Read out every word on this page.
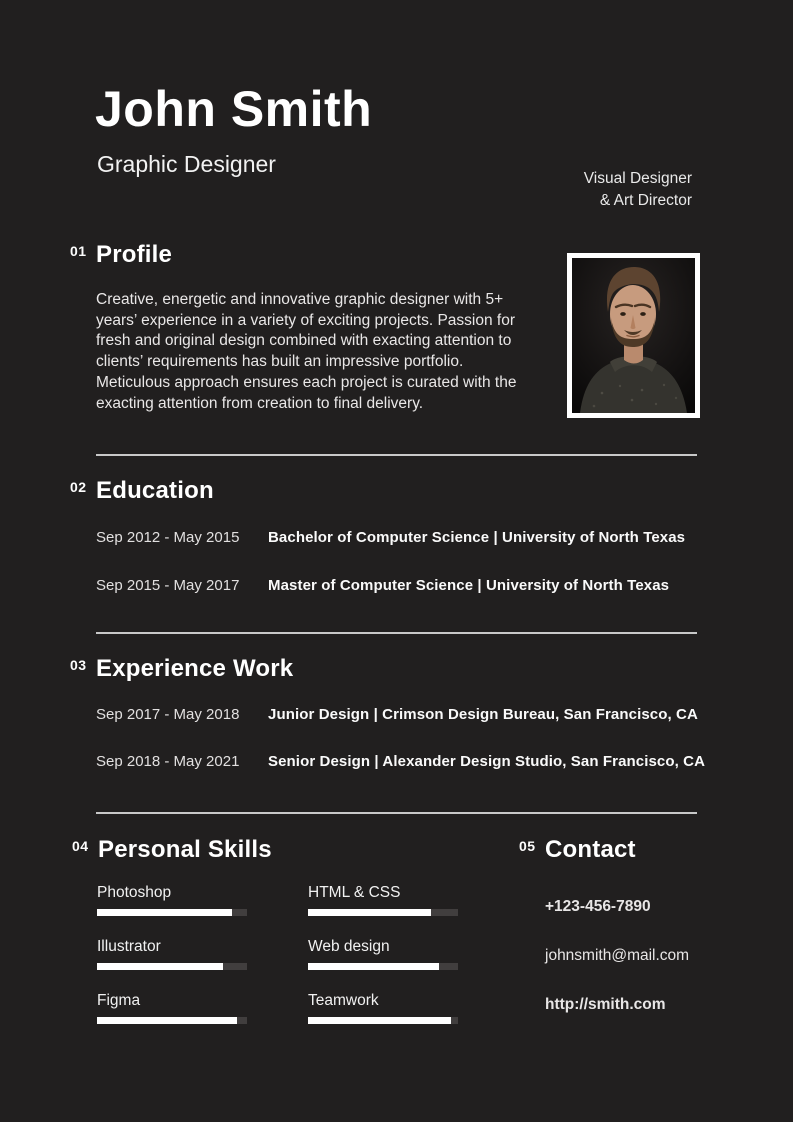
John Smith
Graphic Designer
Visual Designer
& Art Director
01 Profile
Creative, energetic and innovative graphic designer with 5+
years’ experience in a variety of exciting projects. Passion for
fresh and original design combined with exacting attention to
clients’ requirements has built an impressive portfolio.
Meticulous approach ensures each project is curated with the
exacting attention from creation to final delivery.
02 Education
Sep 2012 - May 2015	Bachelor of Computer Science | University of North Texas
Sep 2015 - May 2017	Master of Computer Science | University of North Texas
03 Experience Work
Sep 2017 - May 2018	Junior Design | Crimson Design Bureau, San Francisco, CA
Sep 2018 - May 2021	Senior Design | Alexander Design Studio, San Francisco, CA
04 Personal Skills
Photoshop
Illustrator
Figma
HTML & CSS
Web design
Teamwork
05 Contact
+123-456-7890
johnsmith@mail.com
http://smith.com
